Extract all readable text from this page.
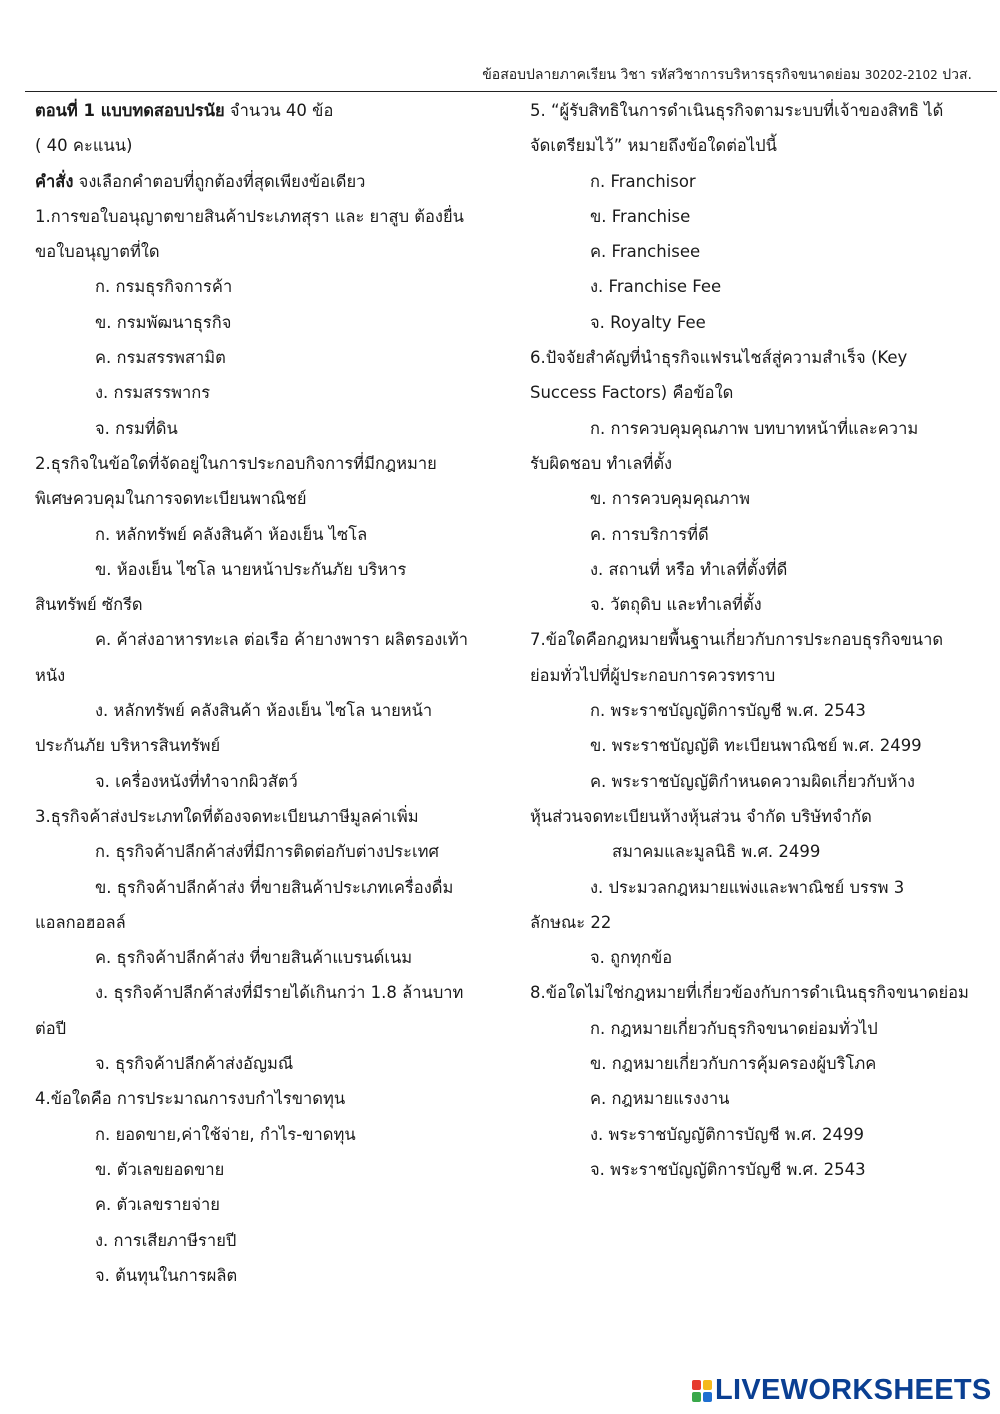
ข้อสอบปลายภาคเรียน วิชา รหัสวิชาการบริหารธุรกิจขนาดย่อม 30202-2102 ปวส.
ตอนที่ 1 แบบทดสอบปรนัย จำนวน 40 ข้อ
( 40 คะแนน)
คำสั่ง จงเลือกคำตอบที่ถูกต้องที่สุดเพียงข้อเดียว
1.การขอใบอนุญาตขายสินค้าประเภทสุรา และ ยาสูบ ต้องยื่น
ขอใบอนุญาตที่ใด
ก. กรมธุรกิจการค้า
ข. กรมพัฒนาธุรกิจ
ค. กรมสรรพสามิต
ง. กรมสรรพากร
จ. กรมที่ดิน
2.ธุรกิจในข้อใดที่จัดอยู่ในการประกอบกิจการที่มีกฎหมาย
พิเศษควบคุมในการจดทะเบียนพาณิชย์
ก. หลักทรัพย์ คลังสินค้า ห้องเย็น ไซโล
ข. ห้องเย็น ไซโล นายหน้าประกันภัย บริหาร
สินทรัพย์ ซักรีด
ค. ค้าส่งอาหารทะเล ต่อเรือ ค้ายางพารา ผลิตรองเท้า
หนัง
ง. หลักทรัพย์ คลังสินค้า ห้องเย็น ไซโล นายหน้า
ประกันภัย บริหารสินทรัพย์
จ. เครื่องหนังที่ทำจากผิวสัตว์
3.ธุรกิจค้าส่งประเภทใดที่ต้องจดทะเบียนภาษีมูลค่าเพิ่ม
ก. ธุรกิจค้าปลีกค้าส่งที่มีการติดต่อกับต่างประเทศ
ข. ธุรกิจค้าปลีกค้าส่ง ที่ขายสินค้าประเภทเครื่องดื่ม
แอลกอฮอลล์
ค. ธุรกิจค้าปลีกค้าส่ง ที่ขายสินค้าแบรนด์เนม
ง. ธุรกิจค้าปลีกค้าส่งที่มีรายได้เกินกว่า 1.8 ล้านบาท
ต่อปี
จ. ธุรกิจค้าปลีกค้าส่งอัญมณี
4.ข้อใดคือ การประมาณการงบกำไรขาดทุน
ก. ยอดขาย,ค่าใช้จ่าย, กำไร-ขาดทุน
ข. ตัวเลขยอดขาย
ค. ตัวเลขรายจ่าย
ง. การเสียภาษีรายปี
จ. ต้นทุนในการผลิต
5. “ผู้รับสิทธิในการดำเนินธุรกิจตามระบบที่เจ้าของสิทธิ ได้
จัดเตรียมไว้” หมายถึงข้อใดต่อไปนี้
ก. Franchisor
ข. Franchise
ค. Franchisee
ง. Franchise Fee
จ. Royalty Fee
6.ปัจจัยสำคัญที่นำธุรกิจแฟรนไชส์สู่ความสำเร็จ (Key
Success Factors) คือข้อใด
ก. การควบคุมคุณภาพ บทบาทหน้าที่และความ
รับผิดชอบ ทำเลที่ตั้ง
ข. การควบคุมคุณภาพ
ค. การบริการที่ดี
ง. สถานที่ หรือ ทำเลที่ตั้งที่ดี
จ. วัตถุดิบ และทำเลที่ตั้ง
7.ข้อใดคือกฎหมายพื้นฐานเกี่ยวกับการประกอบธุรกิจขนาด
ย่อมทั่วไปที่ผู้ประกอบการควรทราบ
ก. พระราชบัญญัติการบัญชี พ.ศ. 2543
ข. พระราชบัญญัติ ทะเบียนพาณิชย์ พ.ศ. 2499
ค. พระราชบัญญัติกำหนดความผิดเกี่ยวกับห้าง
หุ้นส่วนจดทะเบียนห้างหุ้นส่วน จำกัด บริษัทจำกัด
สมาคมและมูลนิธิ พ.ศ. 2499
ง. ประมวลกฎหมายแพ่งและพาณิชย์ บรรพ 3
ลักษณะ 22
จ. ถูกทุกข้อ
8.ข้อใดไม่ใช่กฎหมายที่เกี่ยวข้องกับการดำเนินธุรกิจขนาดย่อม
ก. กฎหมายเกี่ยวกับธุรกิจขนาดย่อมทั่วไป
ข. กฎหมายเกี่ยวกับการคุ้มครองผู้บริโภค
ค. กฎหมายแรงงาน
ง. พระราชบัญญัติการบัญชี พ.ศ. 2499
จ. พระราชบัญญัติการบัญชี พ.ศ. 2543
LIVEWORKSHEETS
